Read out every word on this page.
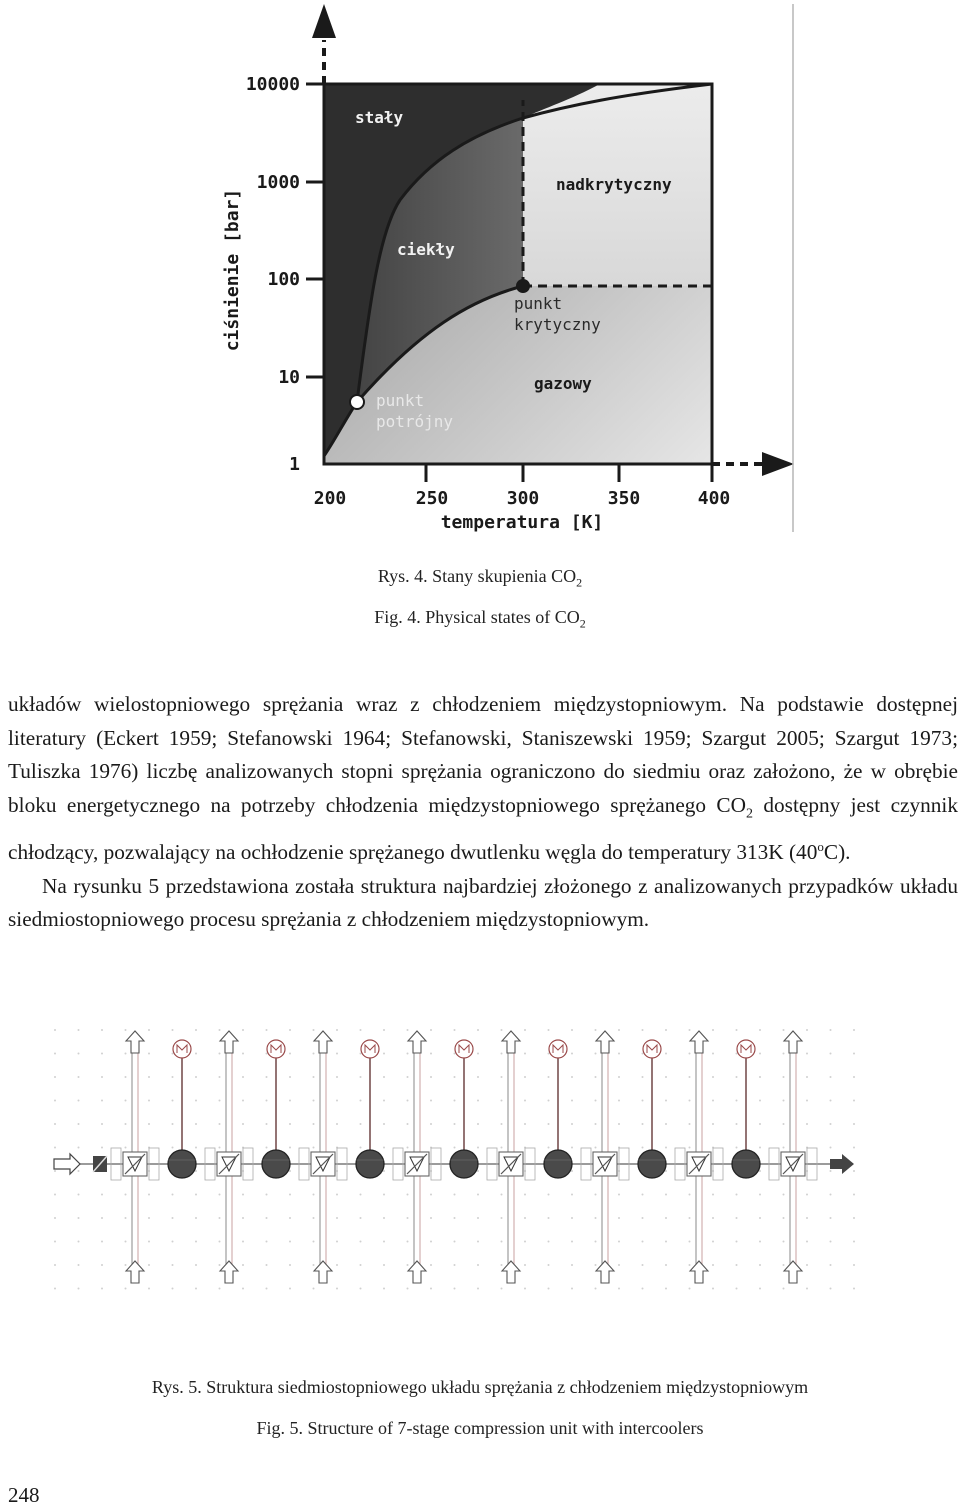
10000
1000
100
10
1
200	250	300	350	400
temperatura [K]
ciśnienie [bar]
stały
ciekły
nadkrytyczny
gazowy
punkt
krytyczny
punkt
potrójny
Rys. 4. Stany skupienia $CO_2$
Fig. 4. Physical states of $CO_2$

układów wielostopniowego sprężania wraz z chłodzeniem międzystopniowym. Na podstawie dostępnej literatury (Eckert 1959; Stefanowski 1964; Stefanowski, Staniszewski 1959; Szargut 2005; Szargut 1973; Tuliszka 1976) liczbę analizowanych stopni sprężania ograniczono do siedmiu oraz założono, że w obrębie bloku energetycznego na potrzeby chłodzenia międzystopniowego sprężanego $CO_2$ dostępny jest czynnik chłodzący, pozwalający na ochłodzenie sprężanego dwutlenku węgla do temperatury 313K (40$^o$C).

Na rysunku 5 przedstawiona została struktura najbardziej złożonego z analizowanych przypadków układu siedmiostopniowego procesu sprężania z chłodzeniem międzystopniowym.

Rys. 5. Struktura siedmiostopniowego układu sprężania z chłodzeniem międzystopniowym
Fig. 5. Structure of 7-stage compression unit with intercoolers
248
